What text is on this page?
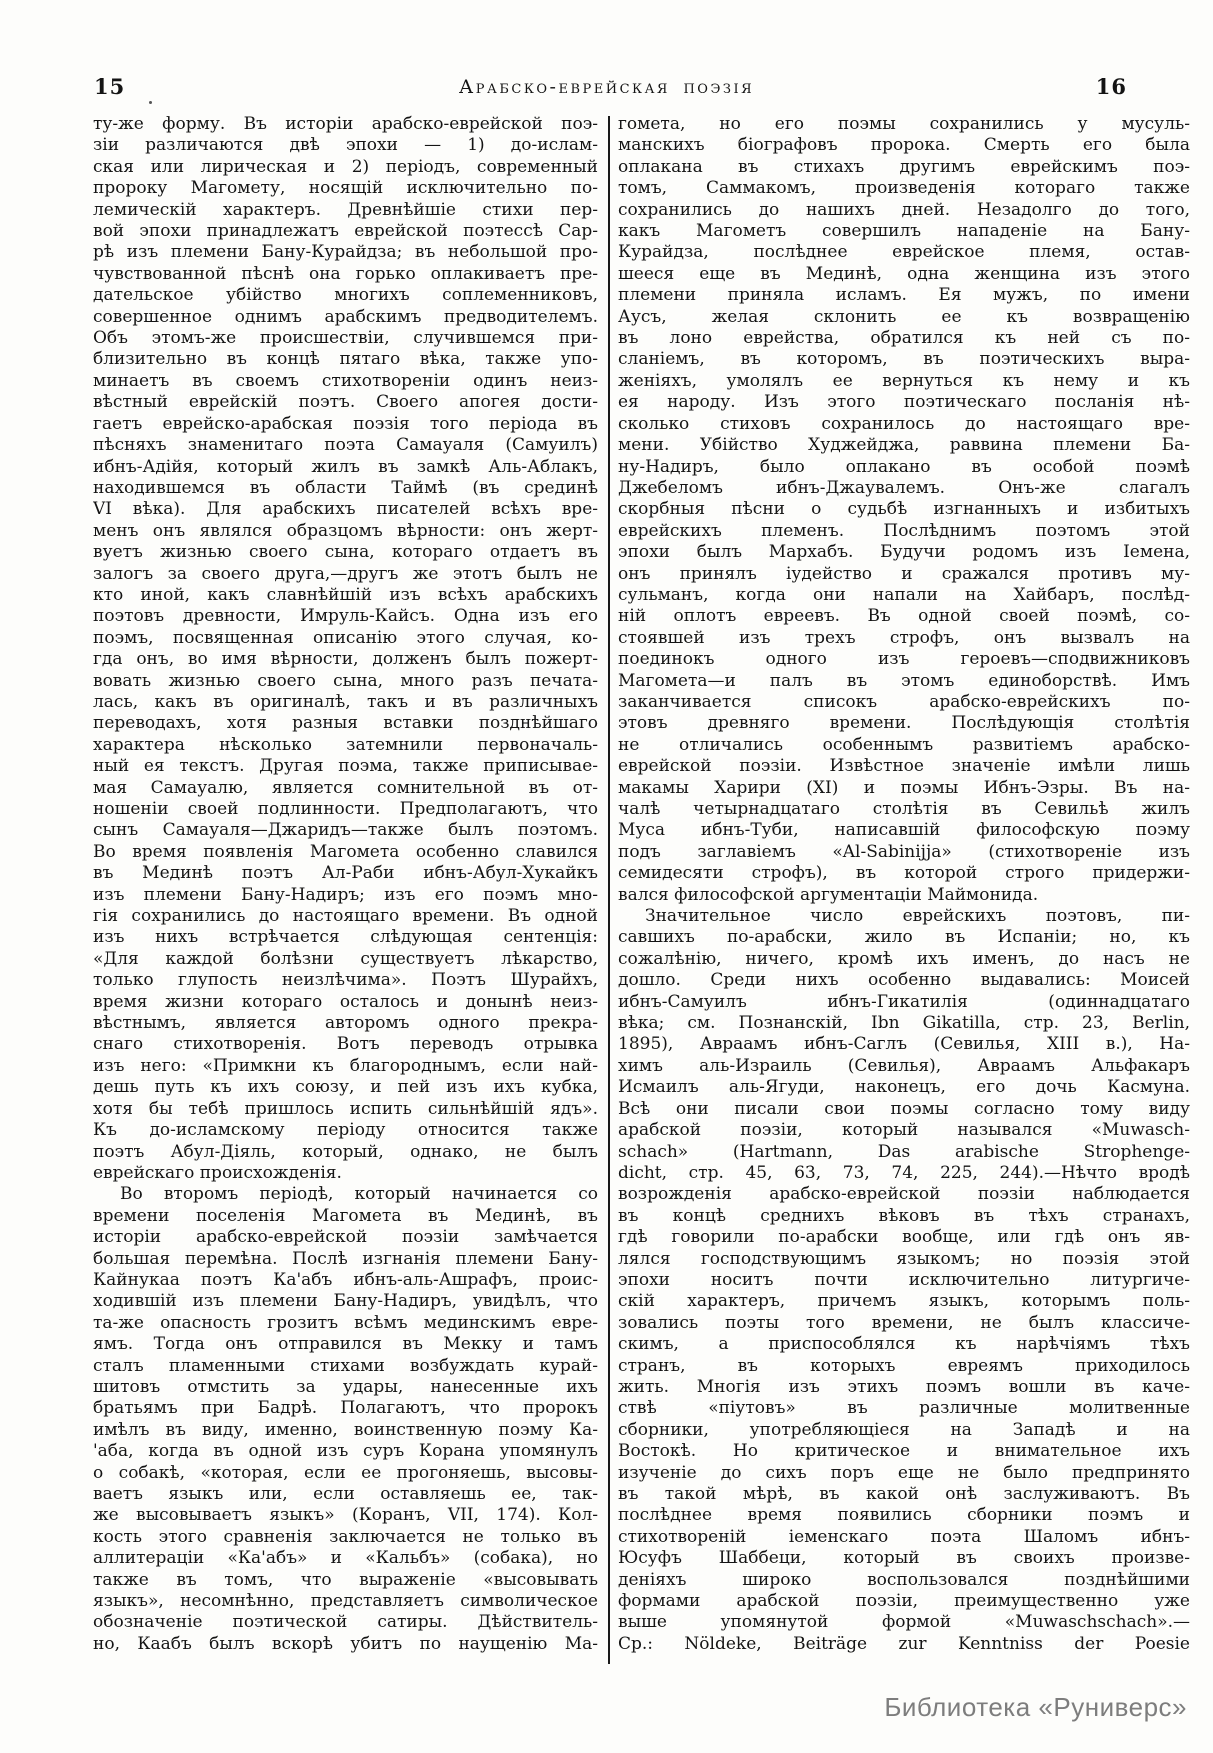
15	Арабско-еврейская поэзія	16
ту-же форму. Въ исторіи арабско-еврейской поэ-
зіи различаются двѣ эпохи — 1) до-ислам-
ская или лирическая и 2) періодъ, современный
пророку Магомету, носящій исключительно по-
лемическій характеръ. Древнѣйшіе стихи пер-
вой эпохи принадлежатъ еврейской поэтессѣ Сар-
рѣ изъ племени Бану-Курайдза; въ небольшой про-
чувствованной пѣснѣ она горько оплакиваетъ пре-
дательское убійство многихъ соплеменниковъ,
совершенное однимъ арабскимъ предводителемъ.
Объ этомъ-же происшествіи, случившемся при-
близительно въ концѣ пятаго вѣка, также упо-
минаетъ въ своемъ стихотвореніи одинъ неиз-
вѣстный еврейскій поэтъ. Своего апогея дости-
гаетъ еврейско-арабская поэзія того періода въ
пѣсняхъ знаменитаго поэта Самауаля (Самуилъ)
ибнъ-Адійя, который жилъ въ замкѣ Аль-Аблакъ,
находившемся въ области Таймѣ (въ срединѣ
VI вѣка). Для арабскихъ писателей всѣхъ вре-
менъ онъ являлся образцомъ вѣрности: онъ жерт-
вуетъ жизнью своего сына, котораго отдаетъ въ
залогъ за своего друга,—другъ же этотъ былъ не
кто иной, какъ славнѣйшій изъ всѣхъ арабскихъ
поэтовъ древности, Имруль-Кайсъ. Одна изъ его
поэмъ, посвященная описанію этого случая, ко-
гда онъ, во имя вѣрности, долженъ былъ пожерт-
вовать жизнью своего сына, много разъ печата-
лась, какъ въ оригиналѣ, такъ и въ различныхъ
переводахъ, хотя разныя вставки позднѣйшаго
характера нѣсколько затемнили первоначаль-
ный ея текстъ. Другая поэма, также приписывае-
мая Самауалю, является сомнительной въ от-
ношеніи своей подлинности. Предполагаютъ, что
сынъ Самауаля—Джаридъ—также былъ поэтомъ.
Во время появленія Магомета особенно славился
въ Мединѣ поэтъ Ал-Раби ибнъ-Абул-Хукайкъ
изъ племени Бану-Надиръ; изъ его поэмъ мно-
гія сохранились до настоящаго времени. Въ одной
изъ нихъ встрѣчается слѣдующая сентенція:
«Для каждой болѣзни существуетъ лѣкарство,
только глупость неизлѣчима». Поэтъ Шурайхъ,
время жизни котораго осталось и донынѣ неиз-
вѣстнымъ, является авторомъ одного прекра-
снаго стихотворенія. Вотъ переводъ отрывка
изъ него: «Примкни къ благороднымъ, если най-
дешь путь къ ихъ союзу, и пей изъ ихъ кубка,
хотя бы тебѣ пришлось испить сильнѣйшій ядъ».
Къ до-исламскому періоду относится также
поэтъ Абул-Діяль, который, однако, не былъ
еврейскаго происхожденія.
Во второмъ періодѣ, который начинается со
времени поселенія Магомета въ Мединѣ, въ
исторіи арабско-еврейской поэзіи замѣчается
большая перемѣна. Послѣ изгнанія племени Бану-
Кайнукаа поэтъ Ка'абъ ибнъ-аль-Ашрафъ, проис-
ходившій изъ племени Бану-Надиръ, увидѣлъ, что
та-же опасность грозитъ всѣмъ мединскимъ евре-
ямъ. Тогда онъ отправился въ Мекку и тамъ
сталъ пламенными стихами возбуждать курай-
шитовъ отмстить за удары, нанесенные ихъ
братьямъ при Бадрѣ. Полагаютъ, что пророкъ
имѣлъ въ виду, именно, воинственную поэму Ка-
'аба, когда въ одной изъ суръ Корана упомянулъ
о собакѣ, «которая, если ее прогоняешь, высовы-
ваетъ языкъ или, если оставляешь ее, так-
же высовываетъ языкъ» (Коранъ, VII, 174). Кол-
кость этого сравненія заключается не только въ
аллитераціи «Ка'абъ» и «Кальбъ» (собака), но
также въ томъ, что выраженіе «высовывать
языкъ», несомнѣнно, представляетъ символическое
обозначеніе поэтической сатиры. Дѣйствитель-
но, Каабъ былъ вскорѣ убитъ по наущенію Ма-
гомета, но его поэмы сохранились у мусуль-
манскихъ біографовъ пророка. Смерть его была
оплакана въ стихахъ другимъ еврейскимъ поэ-
томъ, Саммакомъ, произведенія котораго также
сохранились до нашихъ дней. Незадолго до того,
какъ Магометъ совершилъ нападеніе на Бану-
Курайдза, послѣднее еврейское племя, остав-
шееся еще въ Мединѣ, одна женщина изъ этого
племени приняла исламъ. Ея мужъ, по имени
Аусъ, желая склонить ее къ возвращенію
въ лоно еврейства, обратился къ ней съ по-
сланіемъ, въ которомъ, въ поэтическихъ выра-
женіяхъ, умолялъ ее вернуться къ нему и къ
ея народу. Изъ этого поэтическаго посланія нѣ-
сколько стиховъ сохранилось до настоящаго вре-
мени. Убійство Худжейджа, раввина племени Ба-
ну-Надиръ, было оплакано въ особой поэмѣ
Джебеломъ ибнъ-Джаувалемъ. Онъ-же слагалъ
скорбныя пѣсни о судьбѣ изгнанныхъ и избитыхъ
еврейскихъ племенъ. Послѣднимъ поэтомъ этой
эпохи былъ Мархабъ. Будучи родомъ изъ Іемена,
онъ принялъ іудейство и сражался противъ му-
сульманъ, когда они напали на Хайбаръ, послѣд-
ній оплотъ евреевъ. Въ одной своей поэмѣ, со-
стоявшей изъ трехъ строфъ, онъ вызвалъ на
поединокъ одного изъ героевъ—сподвижниковъ
Магомета—и палъ въ этомъ единоборствѣ. Имъ
заканчивается списокъ арабско-еврейскихъ по-
этовъ древняго времени. Послѣдующія столѣтія
не отличались особеннымъ развитіемъ арабско-
еврейской поэзіи. Извѣстное значеніе имѣли лишь
макамы Харири (XI) и поэмы Ибнъ-Эзры. Въ на-
чалѣ четырнадцатаго столѣтія въ Севильѣ жилъ
Муса ибнъ-Туби, написавшій философскую поэму
подъ заглавіемъ «Al-Sabinijja» (стихотвореніе изъ
семидесяти строфъ), въ которой строго придержи-
вался философской аргументаціи Маймонида.
Значительное число еврейскихъ поэтовъ, пи-
савшихъ по-арабски, жило въ Испаніи; но, къ
сожалѣнію, ничего, кромѣ ихъ именъ, до насъ не
дошло. Среди нихъ особенно выдавались: Моисей
ибнъ-Самуилъ ибнъ-Гикатилія (одиннадцатаго
вѣка; см. Познанскій, Ibn Gikatilla, стр. 23, Berlin,
1895), Авраамъ ибнъ-Саглъ (Севилья, XIII в.), На-
химъ аль-Израиль (Севилья), Авраамъ Альфакаръ
Исмаилъ аль-Ягуди, наконецъ, его дочь Касмуна.
Всѣ они писали свои поэмы согласно тому виду
арабской поэзіи, который назывался «Muwasch-
schach» (Hartmann, Das arabische Strophenge-
dicht, стр. 45, 63, 73, 74, 225, 244).—Нѣчто вродѣ
возрожденія арабско-еврейской поэзіи наблюдается
въ концѣ среднихъ вѣковъ въ тѣхъ странахъ,
гдѣ говорили по-арабски вообще, или гдѣ онъ яв-
лялся господствующимъ языкомъ; но поэзія этой
эпохи носитъ почти исключительно литургиче-
скій характеръ, причемъ языкъ, которымъ поль-
зовались поэты того времени, не былъ классиче-
скимъ, а приспособлялся къ нарѣчіямъ тѣхъ
странъ, въ которыхъ евреямъ приходилось
жить. Многія изъ этихъ поэмъ вошли въ каче-
ствѣ «піутовъ» въ различные молитвенные
сборники, употребляющіеся на Западѣ и на
Востокѣ. Но критическое и внимательное ихъ
изученіе до сихъ поръ еще не было предпринято
въ такой мѣрѣ, въ какой онѣ заслуживаютъ. Въ
послѣднее время появились сборники поэмъ и
стихотвореній іеменскаго поэта Шаломъ ибнъ-
Юсуфъ Шаббеци, который въ своихъ произве-
деніяхъ широко воспользовался позднѣйшими
формами арабской поэзіи, преимущественно уже
выше упомянутой формой «Muwaschschach».—
Ср.: Nöldeke, Beiträge zur Kenntniss der Poesie
Библиотека «Руниверс»
